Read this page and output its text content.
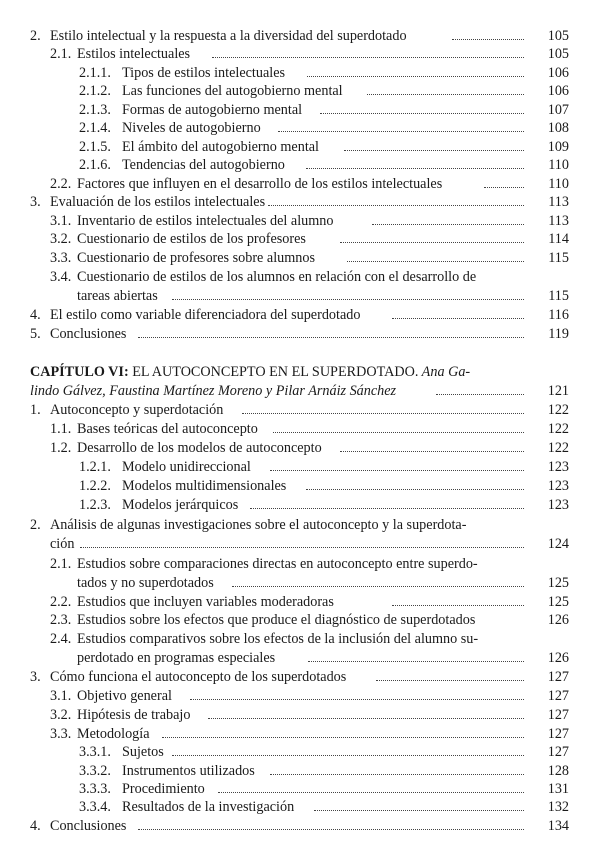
2. Estilo intelectual y la respuesta a la diversidad del superdotado	105
2.1. Estilos intelectuales	105
2.1.1. Tipos de estilos intelectuales	106
2.1.2. Las funciones del autogobierno mental	106
2.1.3. Formas de autogobierno mental	107
2.1.4. Niveles de autogobierno	108
2.1.5. El ámbito del autogobierno mental	109
2.1.6. Tendencias del autogobierno	110
2.2. Factores que influyen en el desarrollo de los estilos intelectuales	110
3. Evaluación de los estilos intelectuales	113
3.1. Inventario de estilos intelectuales del alumno	113
3.2. Cuestionario de estilos de los profesores	114
3.3. Cuestionario de profesores sobre alumnos	115
3.4. Cuestionario de estilos de los alumnos en relación con el desarrollo de
tareas abiertas	115
4. El estilo como variable diferenciadora del superdotado	116
5. Conclusiones	119
CAPÍTULO VI: EL AUTOCONCEPTO EN EL SUPERDOTADO. Ana Ga-
lindo Gálvez, Faustina Martínez Moreno y Pilar Arnáiz Sánchez	121
1. Autoconcepto y superdotación	122
1.1. Bases teóricas del autoconcepto	122
1.2. Desarrollo de los modelos de autoconcepto	122
1.2.1. Modelo unidireccional	123
1.2.2. Modelos multidimensionales	123
1.2.3. Modelos jerárquicos	123
2. Análisis de algunas investigaciones sobre el autoconcepto y la superdota-
ción	124
2.1. Estudios sobre comparaciones directas en autoconcepto entre superdo-
tados y no superdotados	125
2.2. Estudios que incluyen variables moderadoras	125
2.3. Estudios sobre los efectos que produce el diagnóstico de superdotados	126
2.4. Estudios comparativos sobre los efectos de la inclusión del alumno su-
perdotado en programas especiales	126
3. Cómo funciona el autoconcepto de los superdotados	127
3.1. Objetivo general	127
3.2. Hipótesis de trabajo	127
3.3. Metodología	127
3.3.1. Sujetos	127
3.3.2. Instrumentos utilizados	128
3.3.3. Procedimiento	131
3.3.4. Resultados de la investigación	132
4. Conclusiones	134
